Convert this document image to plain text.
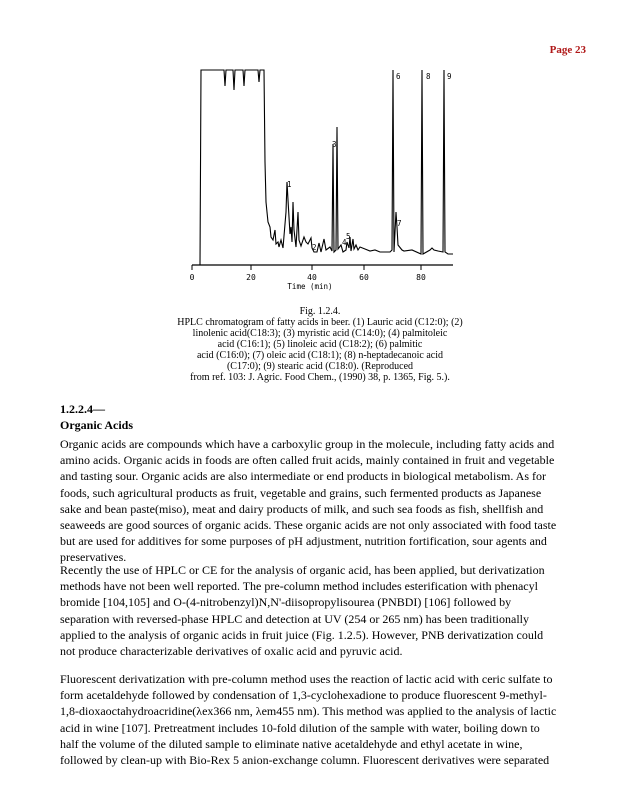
Page 23
0	20	40	60	80
Time (min)
1
2
3
4
5
6
7
8 9
Fig. 1.2.4.
HPLC chromatogram of fatty acids in beer. (1) Lauric acid (C12:0); (2)
linolenic acid(C18:3); (3) myristic acid (C14:0); (4) palmitoleic
acid (C16:1); (5) linoleic acid (C18:2); (6) palmitic
acid (C16:0); (7) oleic acid (C18:1); (8) n-heptadecanoic acid
(C17:0); (9) stearic acid (C18:0). (Reproduced
from ref. 103: J. Agric. Food Chem., (1990) 38, p. 1365, Fig. 5.).
1.2.2.4—
Organic Acids
Organic acids are compounds which have a carboxylic group in the molecule, including fatty acids and
amino acids. Organic acids in foods are often called fruit acids, mainly contained in fruit and vegetable
and tasting sour. Organic acids are also intermediate or end products in biological metabolism. As for
foods, such agricultural products as fruit, vegetable and grains, such fermented products as Japanese
sake and bean paste(miso), meat and dairy products of milk, and such sea foods as fish, shellfish and
seaweeds are good sources of organic acids. These organic acids are not only associated with food taste
but are used for additives for some purposes of pH adjustment, nutrition fortification, sour agents and
preservatives.
Recently the use of HPLC or CE for the analysis of organic acid, has been applied, but derivatization
methods have not been well reported. The pre-column method includes esterification with phenacyl
bromide [104,105] and O-(4-nitrobenzyl)N,N'-diisopropylisourea (PNBDI) [106] followed by
separation with reversed-phase HPLC and detection at UV (254 or 265 nm) has been traditionally
applied to the analysis of organic acids in fruit juice (Fig. 1.2.5). However, PNB derivatization could
not produce characterizable derivatives of oxalic acid and pyruvic acid.
Fluorescent derivatization with pre-column method uses the reaction of lactic acid with ceric sulfate to
form acetaldehyde followed by condensation of 1,3-cyclohexadione to produce fluorescent 9-methyl-
1,8-dioxaoctahydroacridine(λex366 nm, λem455 nm). This method was applied to the analysis of lactic
acid in wine [107]. Pretreatment includes 10-fold dilution of the sample with water, boiling down to
half the volume of the diluted sample to eliminate native acetaldehyde and ethyl acetate in wine,
followed by clean-up with Bio-Rex 5 anion-exchange column. Fluorescent derivatives were separated
